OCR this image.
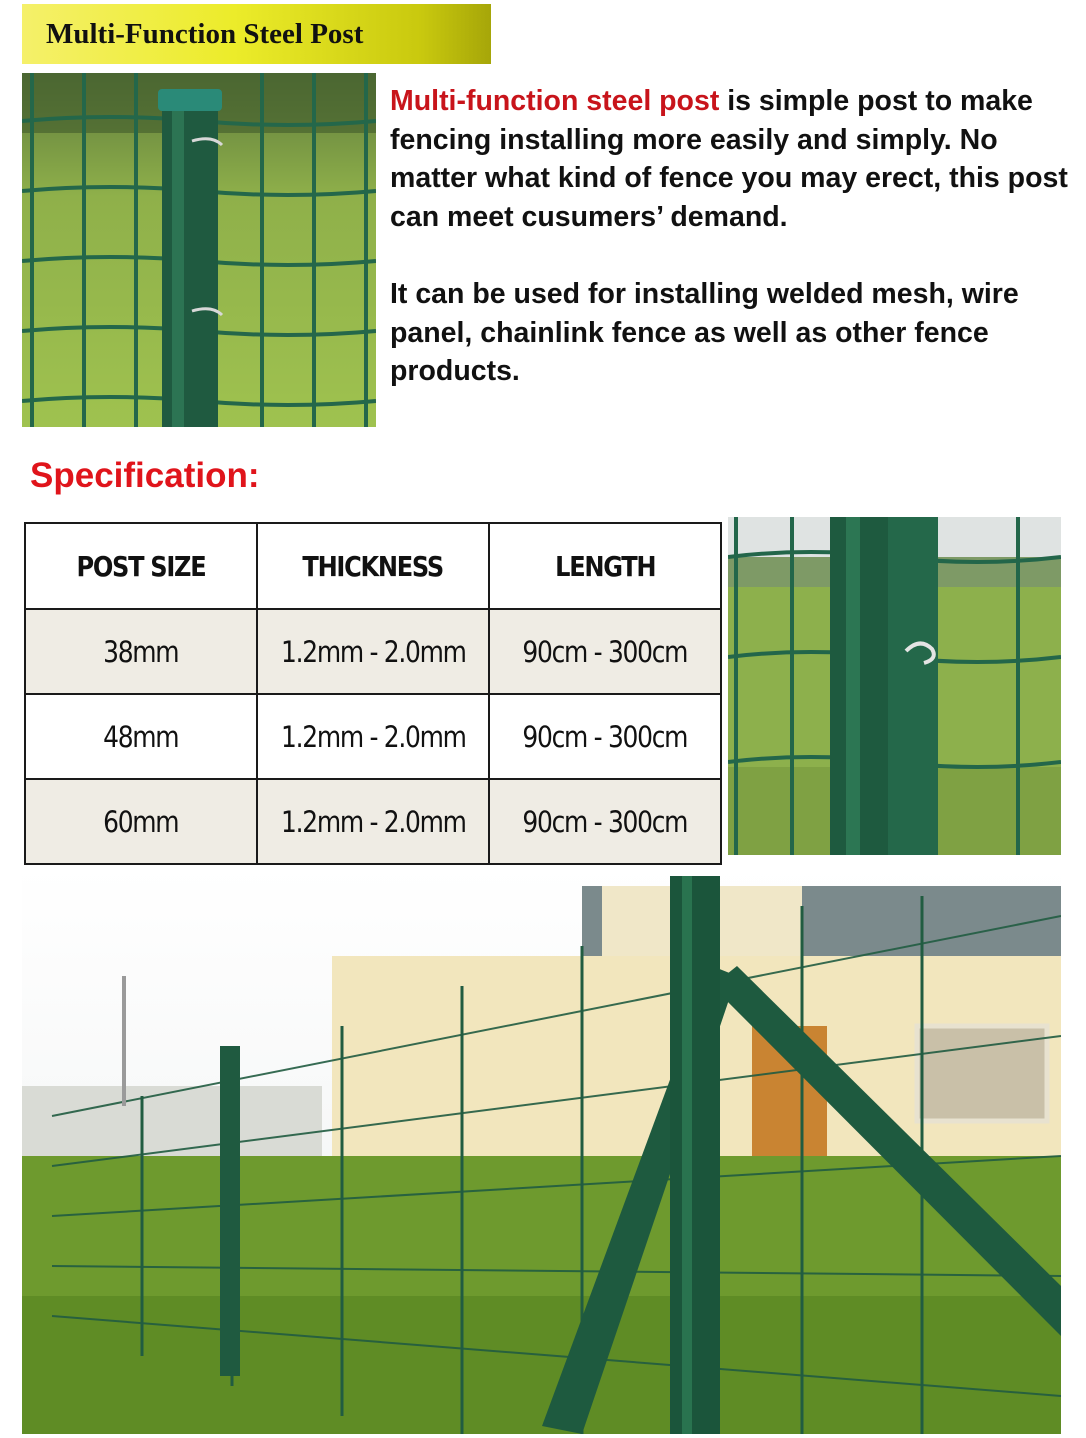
Multi-Function Steel Post

Multi-function steel post is simple post to make fencing installing more easily and simply. No matter what kind of fence you may erect, this post can meet cusumers’ demand.

It can be used for installing welded mesh, wire panel, chainlink fence as well as other fence products.

Specification:
POST SIZE	THICKNESS	LENGTH
38mm	1.2mm - 2.0mm	90cm - 300cm
48mm	1.2mm - 2.0mm	90cm - 300cm
60mm	1.2mm - 2.0mm	90cm - 300cm
